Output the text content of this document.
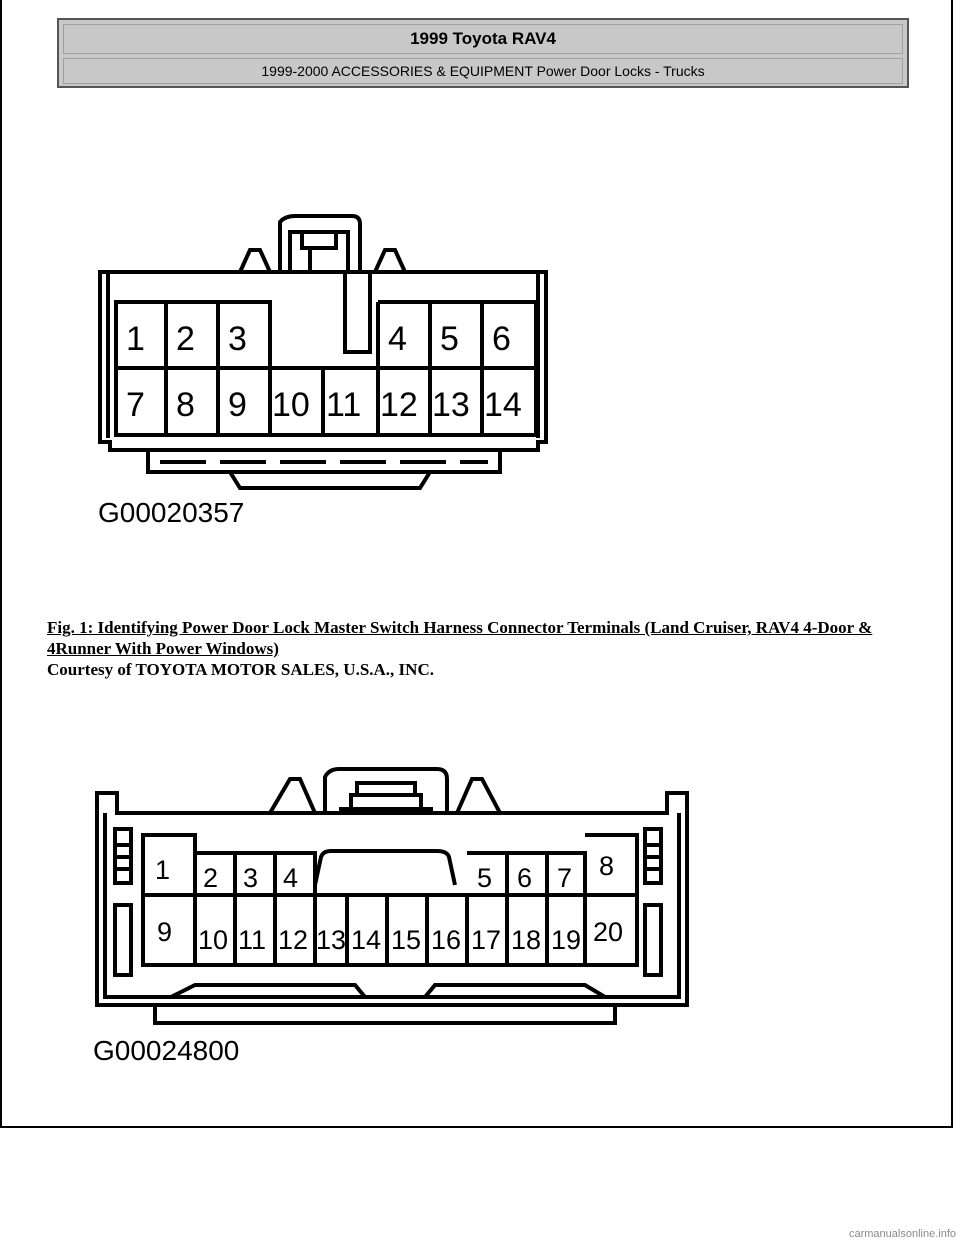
1999 Toyota RAV4
1999-2000 ACCESSORIES & EQUIPMENT Power Door Locks - Trucks
1 2 3	4 5 6
7 8 9 10 11 12 13 14
G00020357
Fig. 1: Identifying Power Door Lock Master Switch Harness Connector Terminals (Land Cruiser, RAV4 4-Door & 4Runner With Power Windows)
Courtesy of TOYOTA MOTOR SALES, U.S.A., INC.
1 2 3 4	5 6 7 8
9 10 11 12 13 14 15 16 17 18 19 20
G00024800
carmanualsonline.info
